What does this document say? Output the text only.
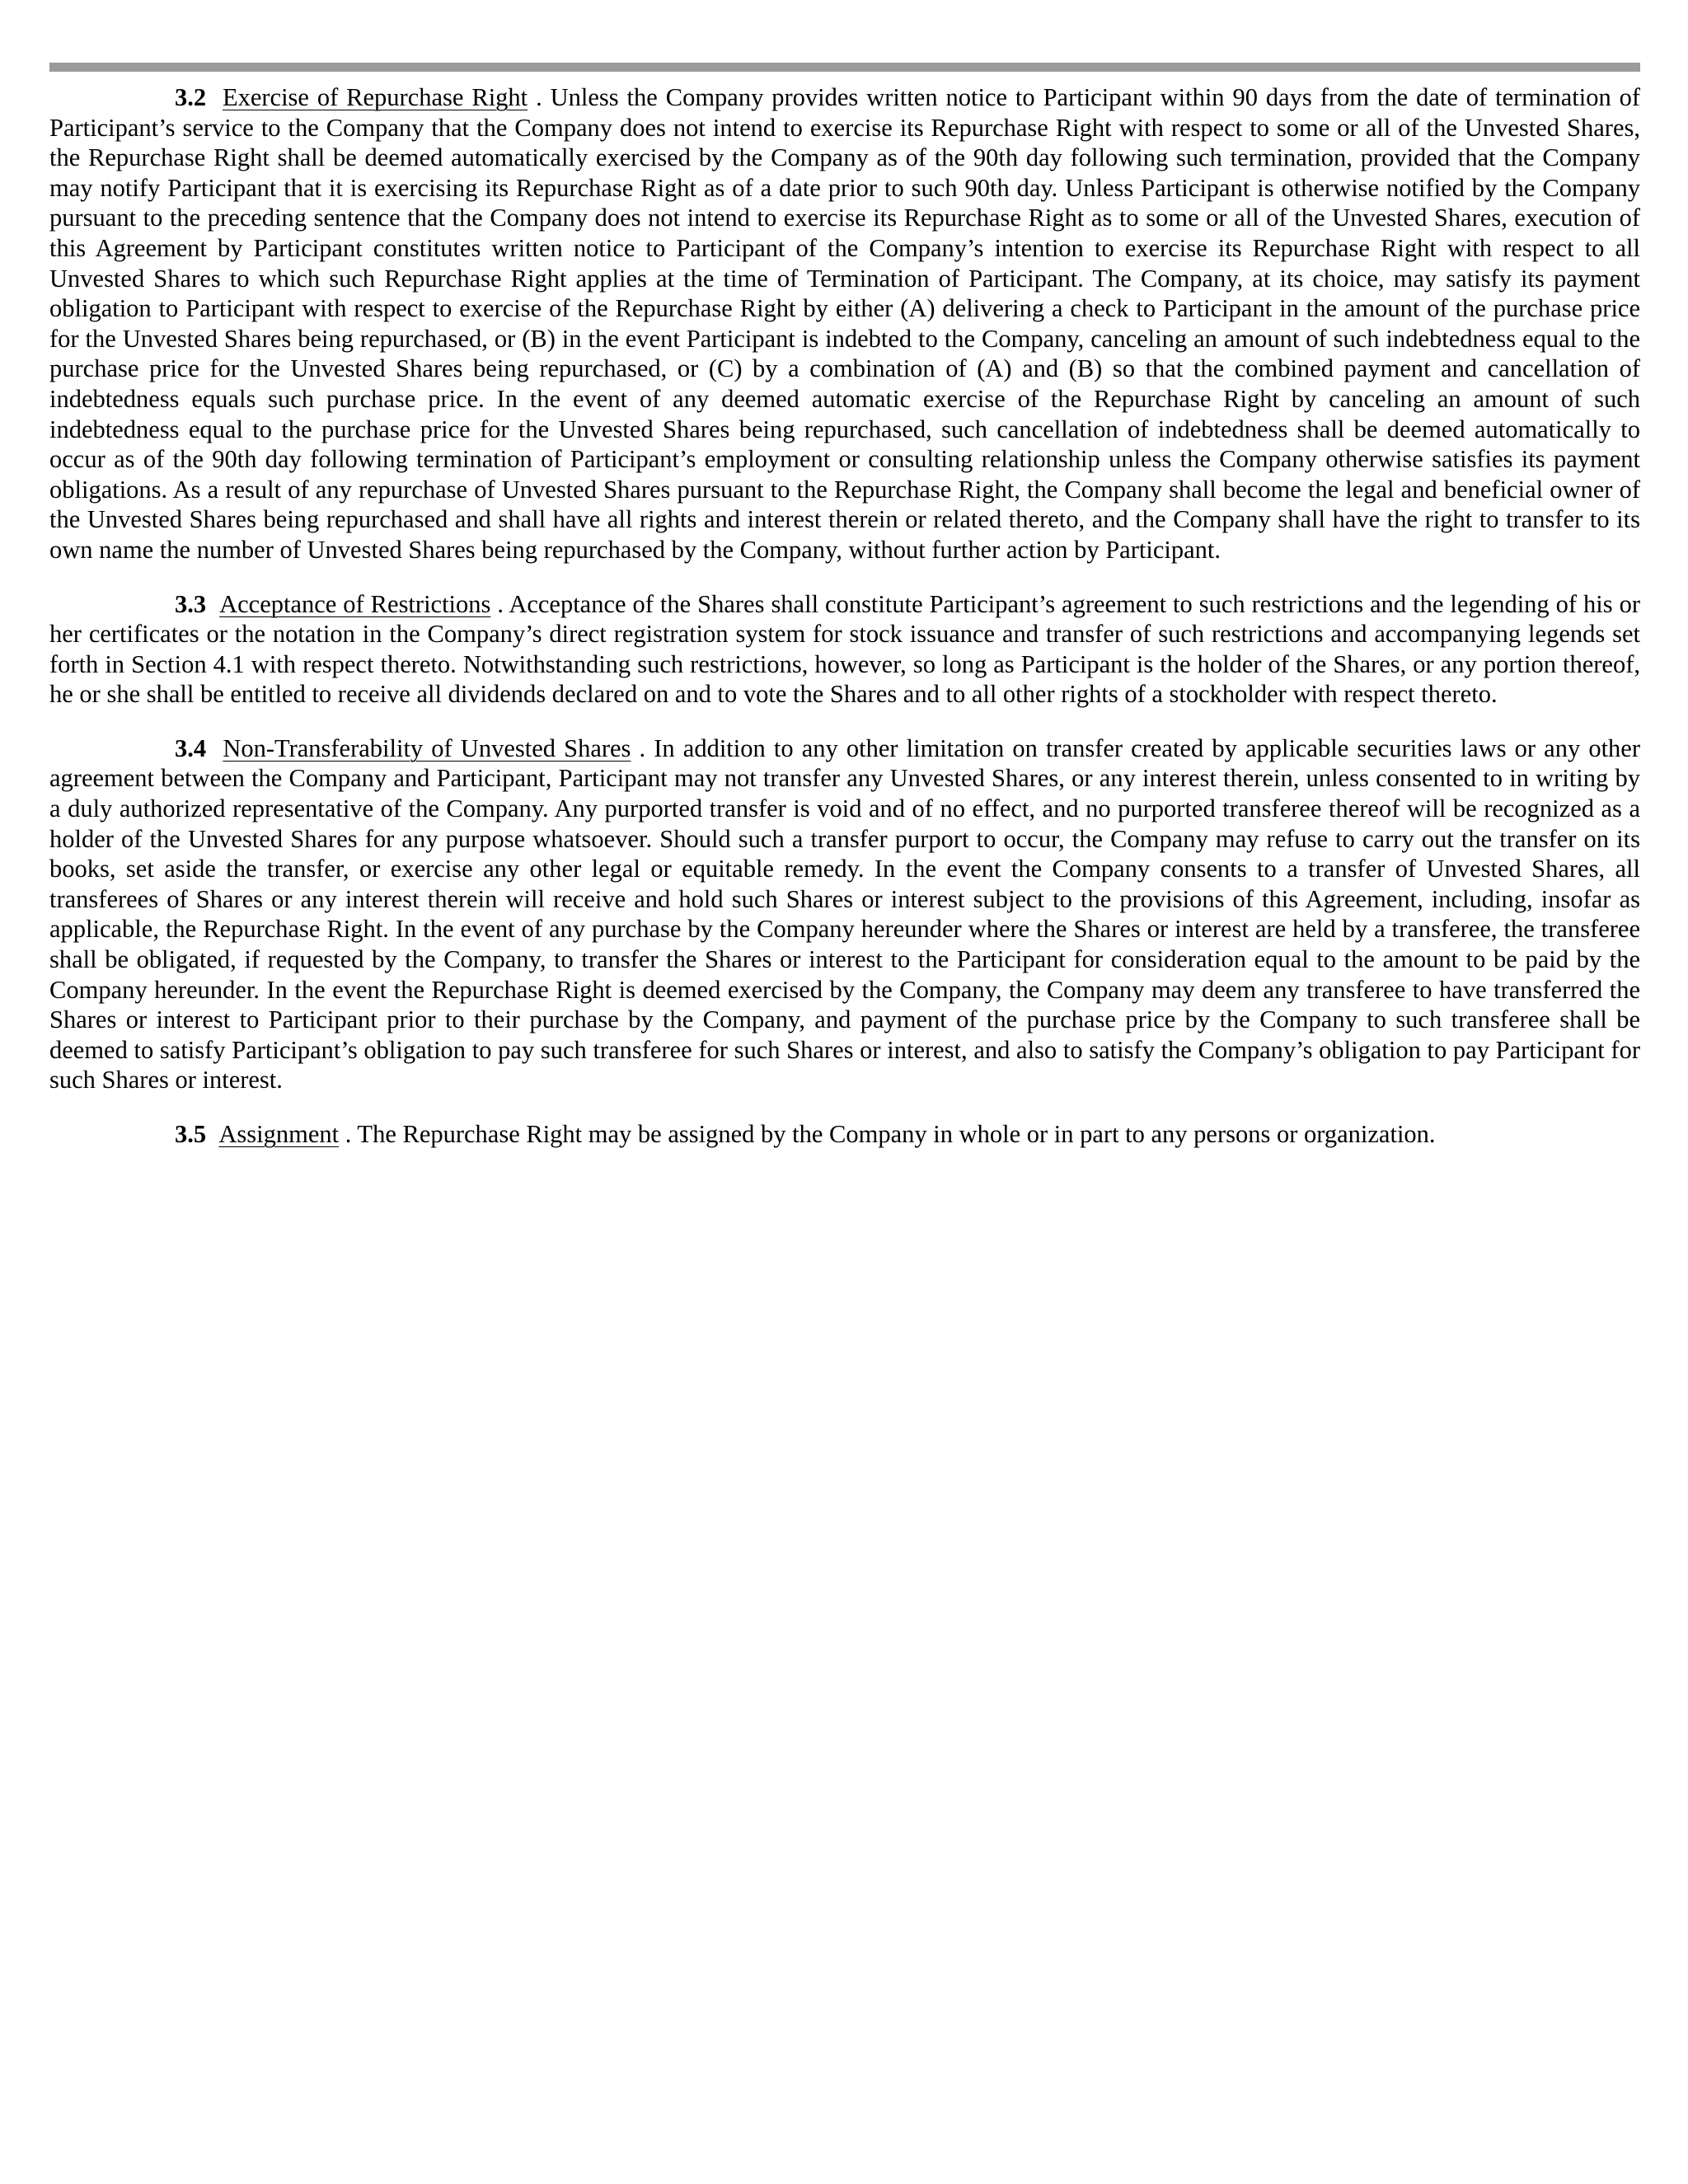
3.2 Exercise of Repurchase Right . Unless the Company provides written notice to Participant within 90 days from the date of termination of Participant’s service to the Company that the Company does not intend to exercise its Repurchase Right with respect to some or all of the Unvested Shares, the Repurchase Right shall be deemed automatically exercised by the Company as of the 90th day following such termination, provided that the Company may notify Participant that it is exercising its Repurchase Right as of a date prior to such 90th day. Unless Participant is otherwise notified by the Company pursuant to the preceding sentence that the Company does not intend to exercise its Repurchase Right as to some or all of the Unvested Shares, execution of this Agreement by Participant constitutes written notice to Participant of the Company’s intention to exercise its Repurchase Right with respect to all Unvested Shares to which such Repurchase Right applies at the time of Termination of Participant. The Company, at its choice, may satisfy its payment obligation to Participant with respect to exercise of the Repurchase Right by either (A) delivering a check to Participant in the amount of the purchase price for the Unvested Shares being repurchased, or (B) in the event Participant is indebted to the Company, canceling an amount of such indebtedness equal to the purchase price for the Unvested Shares being repurchased, or (C) by a combination of (A) and (B) so that the combined payment and cancellation of indebtedness equals such purchase price. In the event of any deemed automatic exercise of the Repurchase Right by canceling an amount of such indebtedness equal to the purchase price for the Unvested Shares being repurchased, such cancellation of indebtedness shall be deemed automatically to occur as of the 90th day following termination of Participant’s employment or consulting relationship unless the Company otherwise satisfies its payment obligations. As a result of any repurchase of Unvested Shares pursuant to the Repurchase Right, the Company shall become the legal and beneficial owner of the Unvested Shares being repurchased and shall have all rights and interest therein or related thereto, and the Company shall have the right to transfer to its own name the number of Unvested Shares being repurchased by the Company, without further action by Participant.

3.3 Acceptance of Restrictions . Acceptance of the Shares shall constitute Participant’s agreement to such restrictions and the legending of his or her certificates or the notation in the Company’s direct registration system for stock issuance and transfer of such restrictions and accompanying legends set forth in Section 4.1 with respect thereto. Notwithstanding such restrictions, however, so long as Participant is the holder of the Shares, or any portion thereof, he or she shall be entitled to receive all dividends declared on and to vote the Shares and to all other rights of a stockholder with respect thereto.

3.4 Non-Transferability of Unvested Shares . In addition to any other limitation on transfer created by applicable securities laws or any other agreement between the Company and Participant, Participant may not transfer any Unvested Shares, or any interest therein, unless consented to in writing by a duly authorized representative of the Company. Any purported transfer is void and of no effect, and no purported transferee thereof will be recognized as a holder of the Unvested Shares for any purpose whatsoever. Should such a transfer purport to occur, the Company may refuse to carry out the transfer on its books, set aside the transfer, or exercise any other legal or equitable remedy. In the event the Company consents to a transfer of Unvested Shares, all transferees of Shares or any interest therein will receive and hold such Shares or interest subject to the provisions of this Agreement, including, insofar as applicable, the Repurchase Right. In the event of any purchase by the Company hereunder where the Shares or interest are held by a transferee, the transferee shall be obligated, if requested by the Company, to transfer the Shares or interest to the Participant for consideration equal to the amount to be paid by the Company hereunder. In the event the Repurchase Right is deemed exercised by the Company, the Company may deem any transferee to have transferred the Shares or interest to Participant prior to their purchase by the Company, and payment of the purchase price by the Company to such transferee shall be deemed to satisfy Participant’s obligation to pay such transferee for such Shares or interest, and also to satisfy the Company’s obligation to pay Participant for such Shares or interest.

3.5 Assignment . The Repurchase Right may be assigned by the Company in whole or in part to any persons or organization.
